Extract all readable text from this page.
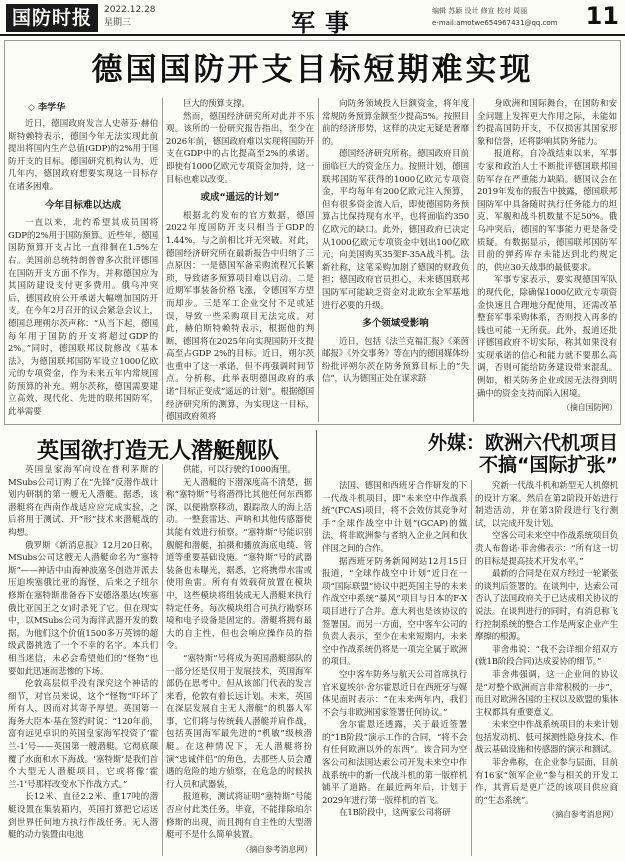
国防时报	2022.12.28
星期三	军事	编辑 苏颖 设计 修宣 校对 周丽
e-mail:amotwe654967431@qq.com	11
德国国防开支目标短期难实现
◇ 李学华

近日，德国政府发言人史蒂芬·赫伯斯特赖特表示，德国今年无法实现此前提出将国内生产总值(GDP)的2%用于国防开支的目标。德国研究机构认为，近几年内，德国政府想要实现这一目标存在诸多困难。

今年目标难以达成

一直以来，北约希望其成员国将GDP的2%用于国防预算。近些年，德国国防预算开支占比一直徘徊在1.5%左右。美国前总统特朗普曾多次批评德国在国防开支方面不作为，并称德国应为其国防建设支付更多费用。俄乌冲突后，德国政府公开承诺大幅增加国防开支。在今年2月召开的议会紧急会议上，德国总理朔尔茨声称：“从当下起，德国每年用于国防的开支将超过GDP的2%。”同时，德国联邦议院修改《基本法》，为德国联邦国防军设立1000亿欧元的专项资金，作为未来五年内常规国防预算的补充。朔尔茨称，德国需要建立高效、现代化、先进的联邦国防军，此举需要

巨大的预算支撑。

然而，德国经济研究所对此并不乐观。该所的一份研究报告指出，至少在2026年前，德国政府难以实现将国防开支在GDP中的占比提高至2%的承诺。即使有1000亿欧元专项资金加持，这一目标也难以改变。

或成“遥远的计划”

根据北约发布的官方数据，德国2022年度国防开支只相当于GDP的1.44%，与之前相比并无突破。对此，德国经济研究所在最新报告中归纳了三点原因：一是德国军备采购流程冗长繁琐，导致诸多预算项目难以启动。二是近期军事装备价格飞涨，令德国军方望而却步。三是军工企业交付不足或延误，导致一些采购项目无法完成。对此，赫伯斯特赖特表示，根据他的判断，德国将在2025年向实现国防开支提高至占GDP 2%的目标。近日，朔尔茨也重申了这一承诺，但不再强调时间节点。分析称，此举表明德国政府的承诺“目标正变成”遥远的计划”。根据德国经济研究所的测算，为实现这一目标，德国政府须将

向防务领域投入巨额资金，将年度常规防务预算金额至少提高5%。按照目前的经济形势，这样的决定无疑是奢靡的。

德国经济研究所称，德国政府目前面临巨大的资金压力。按照计划，德国联邦国防军获得的1000亿欧元专项资金，平均每年有200亿欧元注入预算，但有很多资金流入后，即使德国防务预算占比保持现有水平，也将面临约350亿欧元的缺口。此外，德国政府已决定从1000亿欧元专项资金中划出100亿欧元，向美国购买35架F-35A战斗机。法新社称，这笔采购加剧了德国的财政负担；德国政府官员担心，未来德国联邦国防军可能缺乏资金对北欧东全军基地进行必要的升级。

多个领域受影响

近日，包括《法兰克福汇报》《莱茵邮报》《外交事务》等在内的德国媒体纷纷批评朔尔茨在防务预算目标上的“失信”，认为德国正处在谋求跻

身欧洲和国际舞台，在国防和安全问题上发挥更大作用之际，未能如约提高国防开支，不仅损害其国家形象和信誉，还将影响其防务能力。

报道称，自冷战结束以来，军事专家和政治人士不断批评德国联邦国防军存在严重能力缺陷。德国议会在2019年发布的报告中披露，德国联邦国防军中具备随时执行任务能力的坦克、军舰和战斗机数量不足50%。俄乌冲突后，德国的军事能力更是备受质疑。有数据显示，德国联邦国防军目前的弹药库存未能达到北约规定的，供应30天战事的最低要求。

军事专家表示，要实现德国军队的现代化，除确保1000亿欧元专项资金快速且合理地分配使用，还需改革整套军事采购体系，否则投入再多的钱也可能一无所获。此外，报道还批评德国政府不切实际，称其如果没有实现承诺的信心和能力就不要那么高调，否则可能给防务建设带来混乱。例如，相关防务企业或因无法得到明确中的资金支持而陷入困境。

（摘自国防网）
英国欲打造无人潜艇舰队

英国皇家海军向设在普利茅斯的MSubs公司订购了在“先锋”反潜作战计划内研制的第一艘无人潜艇。据悉，该潜艇将在西南作战适应应完成实验，之后将用于测试、开“形”技术来潜艇战的构想。

俄罗斯《新消息报》12月20日称，MSubs公司这艘无人潜艇命名为“塞特斯”——神话中由海神波塞冬创造并派去压迫埃塞俄比亚的海怪，后来之子纽尔修斯在塞特斯准备吞下安德洛墨达(埃塞俄比亚国王之女)时杀死了它。但在现实中，以MSubs公司为海洋武器开发的数据，为他们这个价值1500多万英镑的超级武器挑选了一个不幸的名字。本兵们相当迷信，未必会希望他们的“怪物”也要如此迅速而悲惨的下场。

伦敦高层似乎没有深究这个神话的细节，对官员来说，这个“怪物”吓坏了所有人，因而对其寄予厚望。英国第一海务大臣本·基在签约时说：“120年前，富有远见卓识的英国皇家海军投资了‘霍兰-1’号——英国第一艘潜艇。它彻底颠覆了水面和水下海战。‘塞特斯’是我们首个大型无人潜艇项目，它或将像‘霍兰-1’号那样改变水下作战方式。”

长12米、直径2.2米、重17吨的潜艇设置在集装箱内，英国打算把它运送到世界任何地方执行作战任务。无人潜艇的动力装置由电池

供能，可以行驶约1000海里。

无人潜艇的下潜深度高不清楚，据称“塞特斯”号将潜得比其他任何东西都深，以便勘察移动，跟踪敌人的海上活动。一整套雷达、声呐和其他传感器使其能有效进行侦察。“塞特斯”号能识别舰艇和潜艇，拍摄和播放海底电缆、管道等重要基础设施。“塞特斯”号的武器装备也未曝光，据悉，它将携带水雷或使用鱼雷。所有有效载荷放置在模块中，这些模块将组装成无人潜艇来执行特定任务。每次模块组合可执行勘察环境和电子设备是固定的。潜艇将拥有最大的自主性，但也会响应操作员的指令。

“塞特斯”号将成为英国潜艇部队的一部分还是仅用于发展技术，英国海军部仍在思考中。但从该部门代表的发言来看，伦敦有着长远计划。未来，英国在深层发展自主无人潜艇”的机器人军事，它们将与传统载人潜艇并肩作战，包括英国海军最先进的“机敏”级核潜艇。在这种情况下，无人潜艇将扮演“忠诚伴侣”的角色，去那些人员会遭遇的危险的地方侦察，在危急的时候执行人员和武器装，

报道称，测试将证明“塞特斯”号能否应付此类任务。毕竟，不能排除珀尔修斯的出现，而且拥有自主性的大型潜艇可不是什么简单装置。

（摘自参考消息网）
外媒：欧洲六代机项目
不搞“国际扩张”

法国、德国和西班牙合作研发的下一代战斗机项目，即“未来空中作战系统”(FCAS)项目，将不会效仿其竞争对手“全球作战空中计划”(GCAP)的做法，将非欧洲参与者纳入企业之间和伙伴国之间的合作。

据西班牙防务新闻网站12月15日报道，“全球作战空中计划”近日在一项“国际联盟”协议中把英国主导的未来作战空中系统“暴风”项目与日本的F-X项目进行了合并。意大利也是该协议的签署国。而另一方面，空中客车公司的负责人表示，至少在未来短期内，未来空中作战系统仍将是一项完全属于欧洲的项目。

空中客车防务与航天公司首席执行官米夏埃尔·舍尔霍恩近日在西班牙与媒体见面时表示：“在未来两年内，我们不会与非欧洲国家签署任何协议。”

舍尔霍恩还透露，关于最近签署的“1B阶段”演示工作的合同，“将不会有任何欧洲以外的东西”。该合同为空客公司和法国达索公司开发未来空中作战系统中的新一代战斗机的第一版样机铺平了道路。在最近两年后，计划于2029年进行第一版样机的首飞。

在1B阶段中，这两家公司将研

究新一代战斗机和新型无人机僚机的设计方案。然后在第2阶段开始进行制造活动，并在第3阶段进行飞行测试，以完成开发计划。

空客公司未来空中作战系统项目负责人布鲁诺·菲舍佛表示：“所有这一切的目标是提高技术开发水平。”

最新的合同是在双方经过一轮紧张的谈判后签署的。在谈判中，达索公司否认了法国政府关于已达成相关协议的说法。在谈判进行的同时，有消息称飞行控制系统的整合工作是两家企业产生摩擦的根源。

菲舍弗说：“我不会详细介绍双方(就1B阶段合同)达成妥协的细节。”

菲舍弗强调，这一企业间的协议是“对整个欧洲而言非常积极的一步”，而且对欧洲各国的主权以及欧盟的集体主权都具有重要意义。

未来空中作战系统项目的未来计划包括发动机、低可探测性隐身技术、作战云基础设施和传感器的演示和测试。

菲舍弗称，在企业参与层面，目前有16家“领军企业”参与相关的开发工作，其背后是更广泛的该项目供应商的“生态系统”。

（摘自参考消息网）
